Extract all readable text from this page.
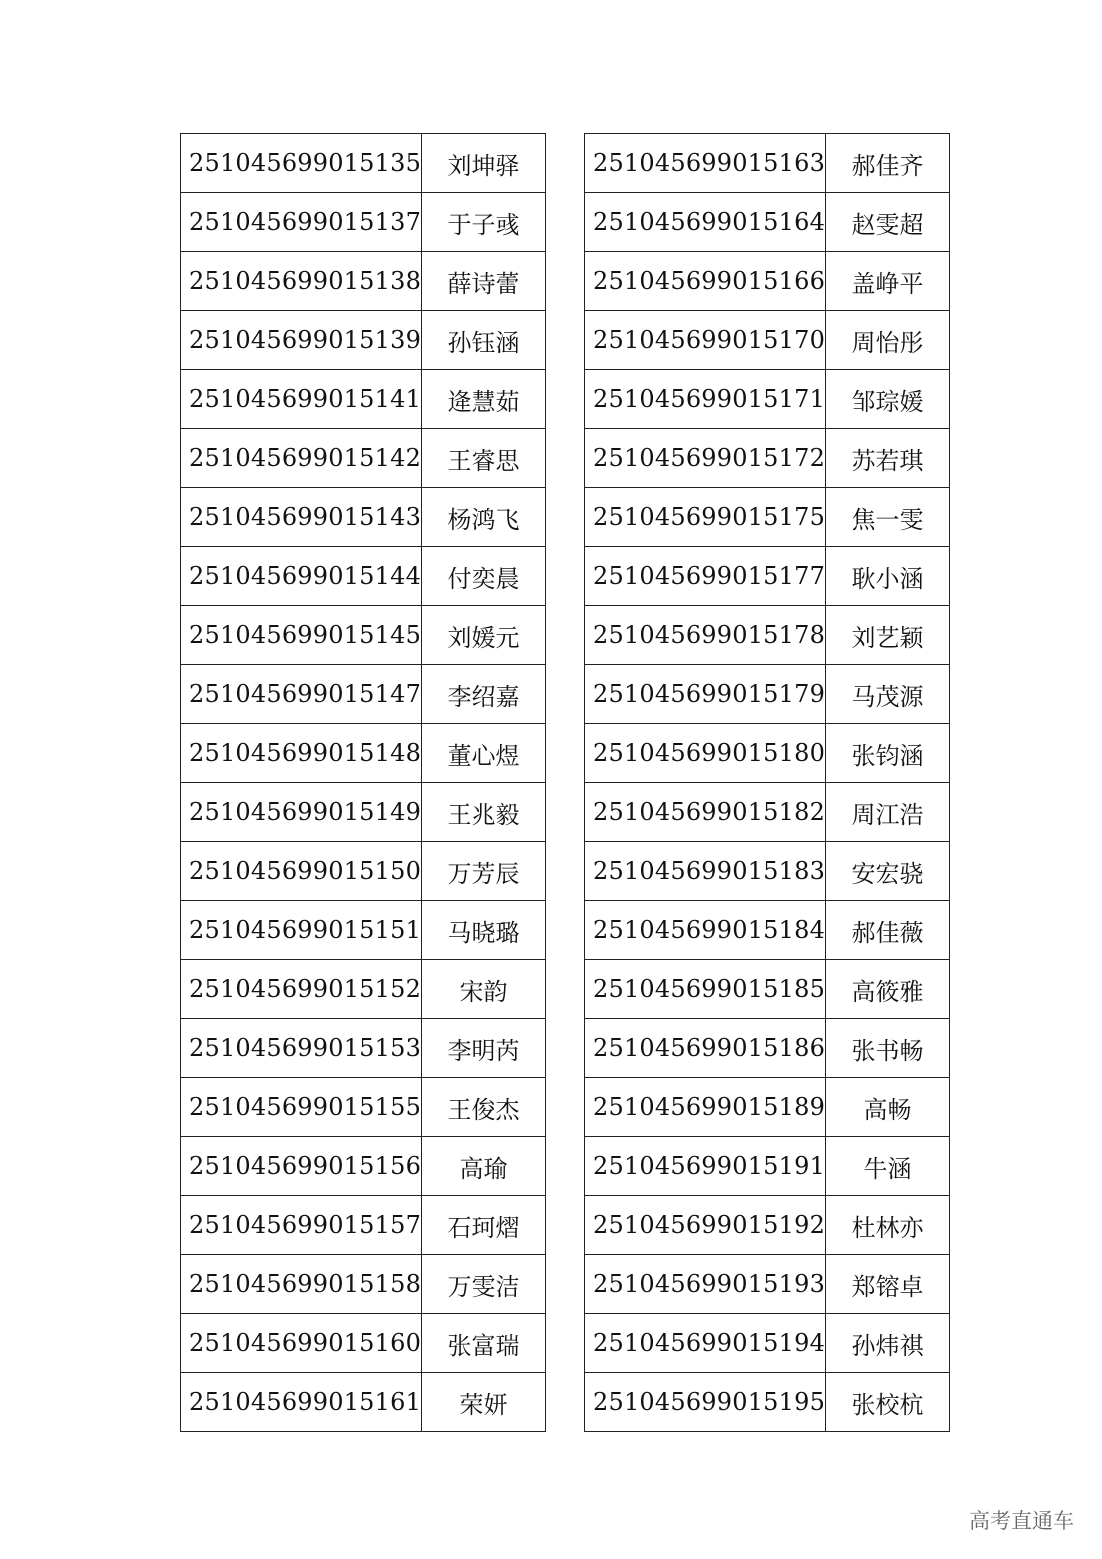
251045699015135	刘坤驿
251045699015137	于子彧
251045699015138	薛诗蕾
251045699015139	孙钰涵
251045699015141	逄慧茹
251045699015142	王睿思
251045699015143	杨鸿飞
251045699015144	付奕晨
251045699015145	刘媛元
251045699015147	李绍嘉
251045699015148	董心煜
251045699015149	王兆毅
251045699015150	万芳辰
251045699015151	马晓璐
251045699015152	宋韵
251045699015153	李明芮
251045699015155	王俊杰
251045699015156	高瑜
251045699015157	石珂熠
251045699015158	万雯洁
251045699015160	张富瑞
251045699015161	荣妍
251045699015163	郝佳齐
251045699015164	赵雯超
251045699015166	盖峥平
251045699015170	周怡彤
251045699015171	邹琮媛
251045699015172	苏若琪
251045699015175	焦一雯
251045699015177	耿小涵
251045699015178	刘艺颖
251045699015179	马茂源
251045699015180	张钧涵
251045699015182	周江浩
251045699015183	安宏骁
251045699015184	郝佳薇
251045699015185	高筱雅
251045699015186	张书畅
251045699015189	高畅
251045699015191	牛涵
251045699015192	杜林亦
251045699015193	郑镕卓
251045699015194	孙炜祺
251045699015195	张校杭
高考直通车
